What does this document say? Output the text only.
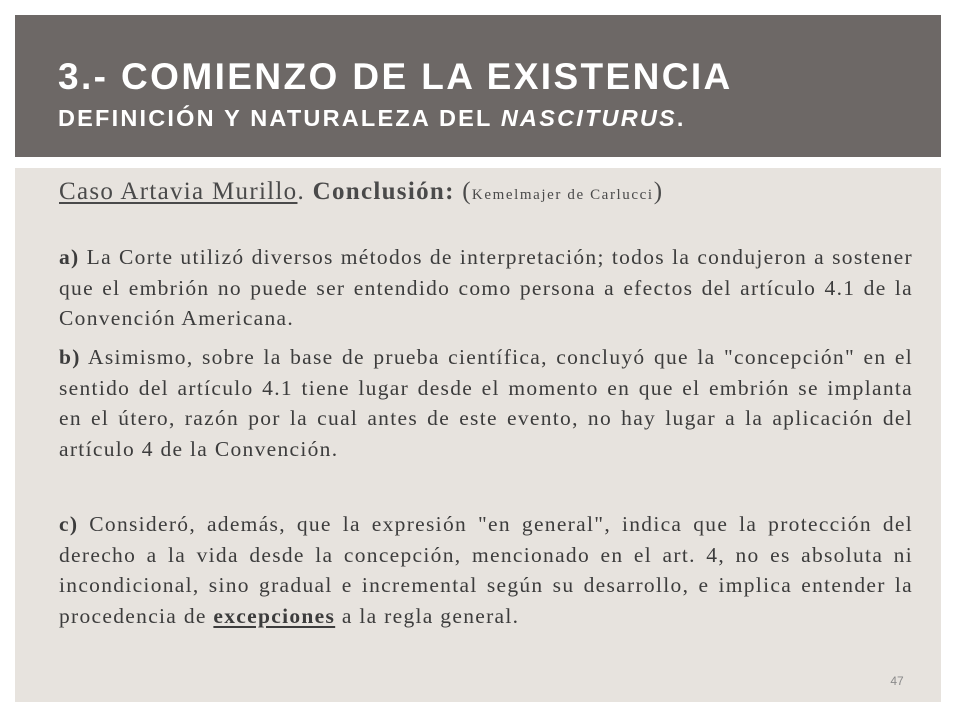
3.- COMIENZO DE LA EXISTENCIA
DEFINICIÓN Y NATURALEZA DEL NASCITURUS.

Caso Artavia Murillo. Conclusión: (Kemelmajer de Carlucci)

a) La Corte utilizó diversos métodos de interpretación; todos la condujeron a sostener que el embrión no puede ser entendido como persona a efectos del artículo 4.1 de la Convención Americana.

b) Asimismo, sobre la base de prueba científica, concluyó que la "concepción" en el sentido del artículo 4.1 tiene lugar desde el momento en que el embrión se implanta en el útero, razón por la cual antes de este evento, no hay lugar a la aplicación del artículo 4 de la Convención.

c) Consideró, además, que la expresión "en general", indica que la protección del derecho a la vida desde la concepción, mencionado en el art. 4, no es absoluta ni incondicional, sino gradual e incremental según su desarrollo, e implica entender la procedencia de excepciones a la regla general.

47
